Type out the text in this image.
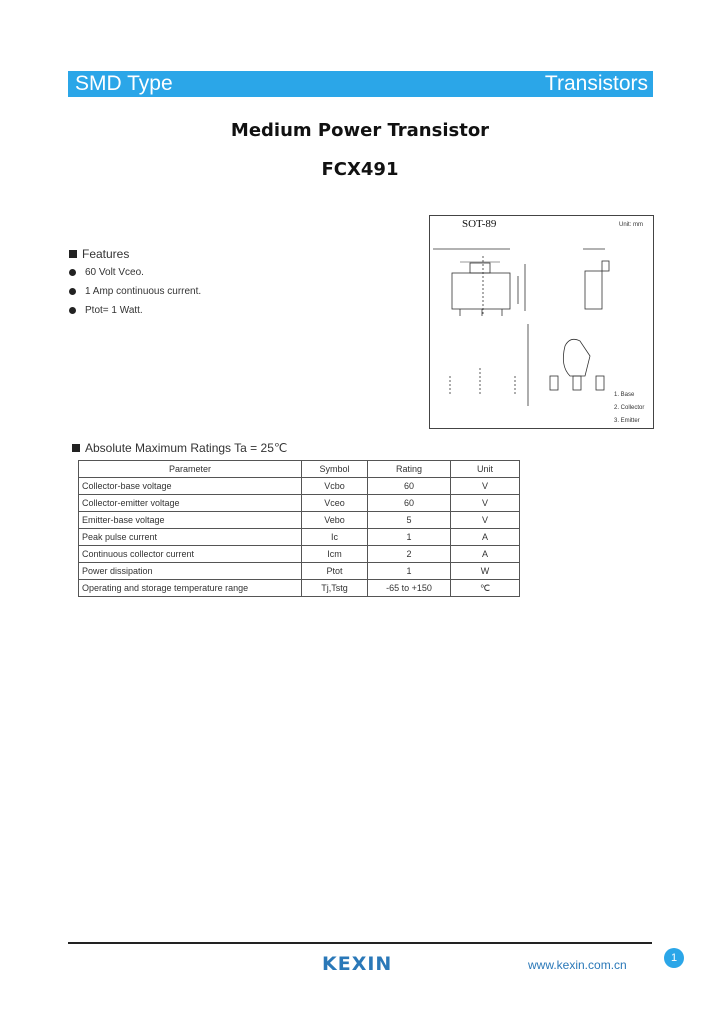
SMD Type	Transistors
Medium Power Transistor
FCX491
Features
60 Volt Vceo.
1 Amp continuous current.
Ptot= 1 Watt.
SOT-89	Unit: mm
1. Base
2. Collector
3. Emitter
Absolute Maximum Ratings Ta = 25℃
Parameter	Symbol	Rating	Unit
Collector-base voltage	Vcbo	60	V
Collector-emitter voltage	Vceo	60	V
Emitter-base voltage	Vebo	5	V
Peak pulse current	Ic	1	A
Continuous collector current	Icm	2	A
Power dissipation	Ptot	1	W
Operating and storage temperature range	Tj,Tstg	-65 to +150	℃
KEXIN	www.kexin.com.cn	1
